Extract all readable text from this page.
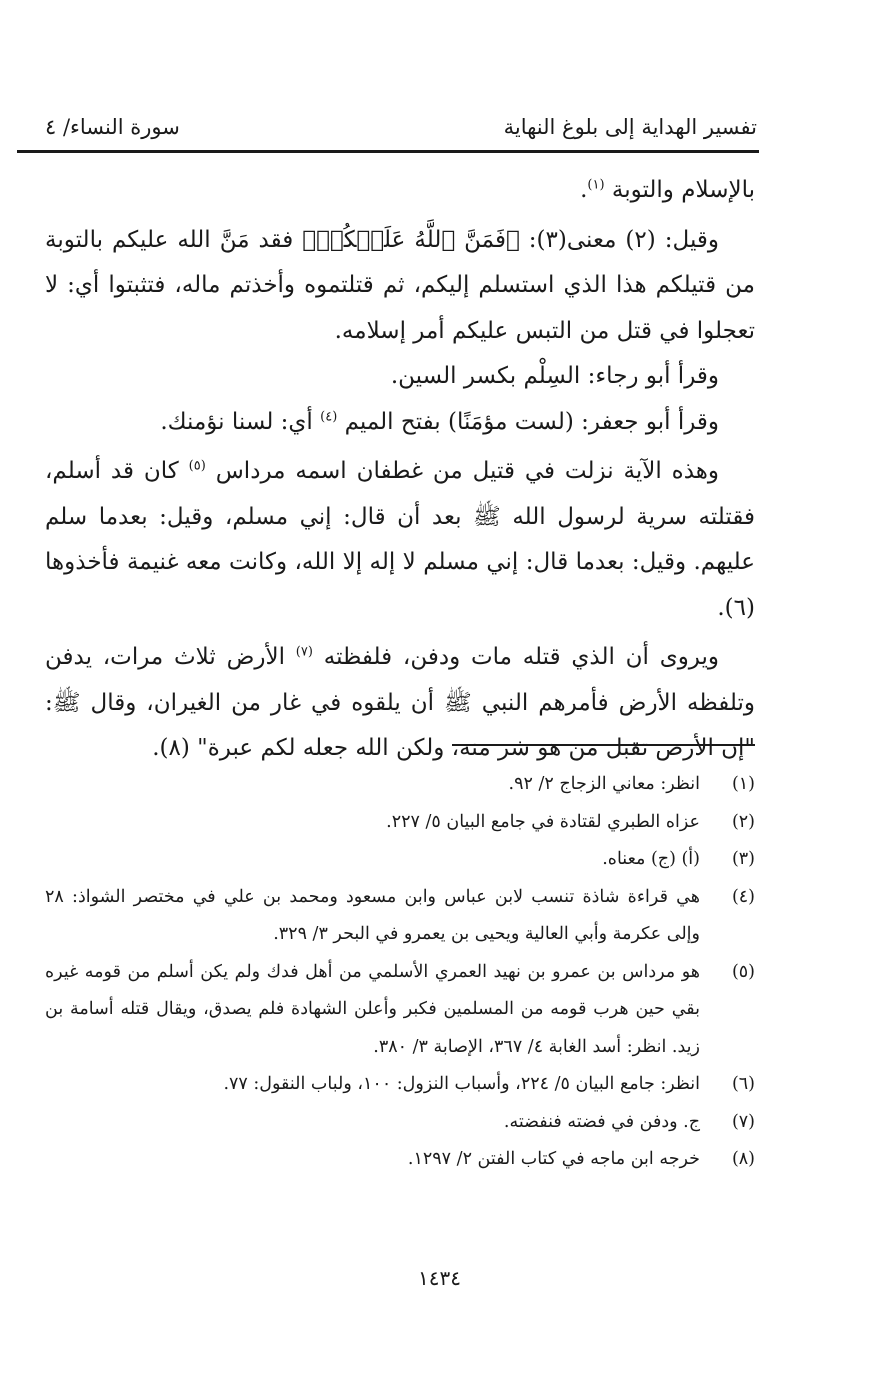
تفسير الهداية إلى بلوغ النهاية
سورة النساء/ ٤

بالإسلام والتوبة $^{(١)}$.

وقيل: (٢) معنى(٣): ﴿فَمَنَّ ٱللَّهُ عَلَيۡكُمۡ﴾ فقد مَنَّ الله عليكم بالتوبة من قتيلكم هذا الذي استسلم إليكم، ثم قتلتموه وأخذتم ماله، فتثبتوا أي: لا تعجلوا في قتل من التبس عليكم أمر إسلامه.

وقرأ أبو رجاء: السِلْم بكسر السين.

وقرأ أبو جعفر: (لست مؤمَنًا) بفتح الميم $^{(٤)}$ أي: لسنا نؤمنك.

وهذه الآية نزلت في قتيل من غطفان اسمه مرداس $^{(٥)}$ كان قد أسلم، فقتلته سرية لرسول الله ﷺ بعد أن قال: إني مسلم، وقيل: بعدما سلم عليهم. وقيل: بعدما قال: إني مسلم لا إله إلا الله، وكانت معه غنيمة فأخذوها (٦).

ويروى أن الذي قتله مات ودفن، فلفظته $^{(٧)}$ الأرض ثلاث مرات، يدفن وتلفظه الأرض فأمرهم النبي ﷺ أن يلقوه في غار من الغيران، وقال ﷺ: "إن الأرض تقبل من هو شر منه، ولكن الله جعله لكم عبرة" (٨).

(١)
انظر: معاني الزجاج ٢/ ٩٢.
(٢)
عزاه الطبري لقتادة في جامع البيان ٥/ ٢٢٧.
(٣)
(أ) (ج) معناه.
(٤)
هي قراءة شاذة تنسب لابن عباس وابن مسعود ومحمد بن علي في مختصر الشواذ: ٢٨ وإلى عكرمة وأبي العالية ويحيى بن يعمرو في البحر ٣/ ٣٢٩.
(٥)
هو مرداس بن عمرو بن نهيد العمري الأسلمي من أهل فدك ولم يكن أسلم من قومه غيره بقي حين هرب قومه من المسلمين فكبر وأعلن الشهادة فلم يصدق، ويقال قتله أسامة بن زيد. انظر: أسد الغابة ٤/ ٣٦٧، الإصابة ٣/ ٣٨٠.
(٦)
انظر: جامع البيان ٥/ ٢٢٤، وأسباب النزول: ١٠٠، ولباب النقول: ٧٧.
(٧)
ج. ودفن في فضته فنفضته.
(٨)
خرجه ابن ماجه في كتاب الفتن ٢/ ١٢٩٧.
١٤٣٤
